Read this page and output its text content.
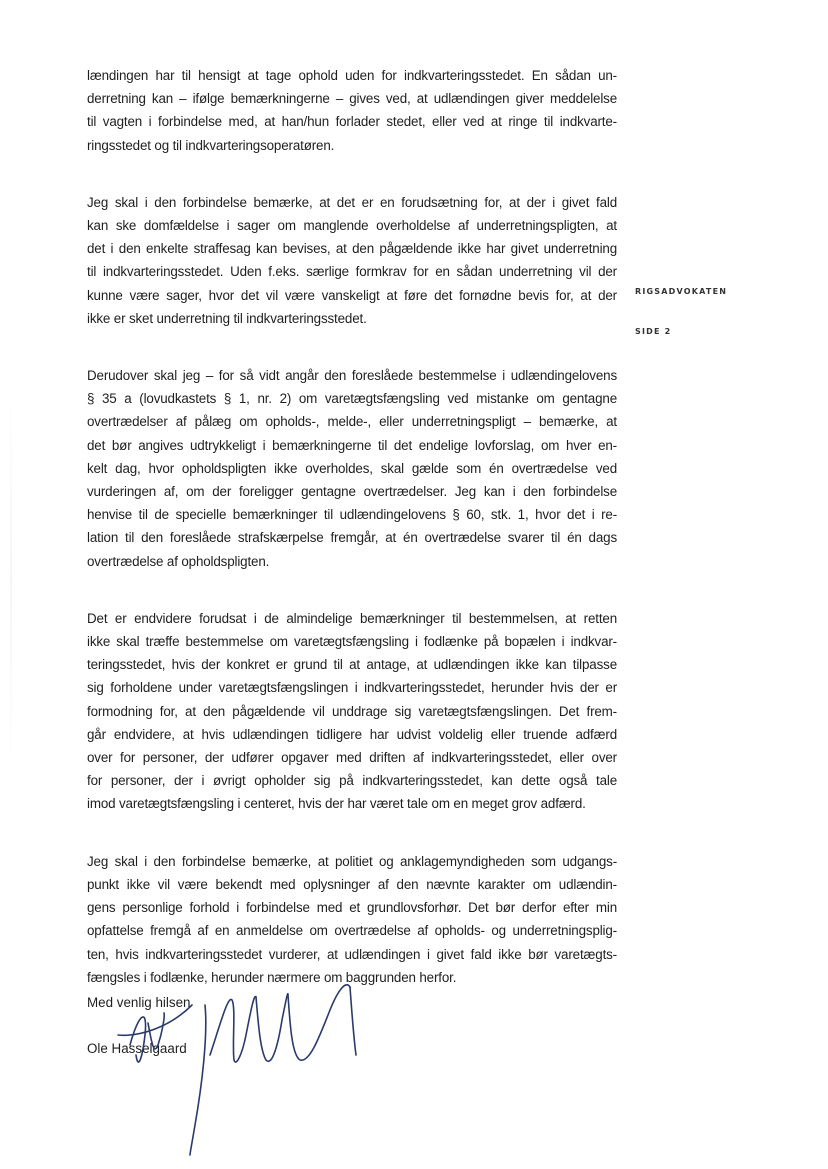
lændingen har til hensigt at tage ophold uden for indkvarteringsstedet. En sådan un-
derretning kan – ifølge bemærkningerne – gives ved, at udlændingen giver meddelelse
til vagten i forbindelse med, at han/hun forlader stedet, eller ved at ringe til indkvarte-
ringsstedet og til indkvarteringsoperatøren.
Jeg skal i den forbindelse bemærke, at det er en forudsætning for, at der i givet fald
kan ske domfældelse i sager om manglende overholdelse af underretningspligten, at
det i den enkelte straffesag kan bevises, at den pågældende ikke har givet underretning
til indkvarteringsstedet. Uden f.eks. særlige formkrav for en sådan underretning vil der
kunne være sager, hvor det vil være vanskeligt at føre det fornødne bevis for, at der
ikke er sket underretning til indkvarteringsstedet.
Derudover skal jeg – for så vidt angår den foreslåede bestemmelse i udlændingelovens
§ 35 a (lovudkastets § 1, nr. 2) om varetægtsfængsling ved mistanke om gentagne
overtrædelser af pålæg om opholds-, melde-, eller underretningspligt – bemærke, at
det bør angives udtrykkeligt i bemærkningerne til det endelige lovforslag, om hver en-
kelt dag, hvor opholdspligten ikke overholdes, skal gælde som én overtrædelse ved
vurderingen af, om der foreligger gentagne overtrædelser. Jeg kan i den forbindelse
henvise til de specielle bemærkninger til udlændingelovens § 60, stk. 1, hvor det i re-
lation til den foreslåede strafskærpelse fremgår, at én overtrædelse svarer til én dags
overtrædelse af opholdspligten.
Det er endvidere forudsat i de almindelige bemærkninger til bestemmelsen, at retten
ikke skal træffe bestemmelse om varetægtsfængsling i fodlænke på bopælen i indkvar-
teringsstedet, hvis der konkret er grund til at antage, at udlændingen ikke kan tilpasse
sig forholdene under varetægtsfængslingen i indkvarteringsstedet, herunder hvis der er
formodning for, at den pågældende vil unddrage sig varetægtsfængslingen. Det frem-
går endvidere, at hvis udlændingen tidligere har udvist voldelig eller truende adfærd
over for personer, der udfører opgaver med driften af indkvarteringsstedet, eller over
for personer, der i øvrigt opholder sig på indkvarteringsstedet, kan dette også tale
imod varetægtsfængsling i centeret, hvis der har været tale om en meget grov adfærd.
Jeg skal i den forbindelse bemærke, at politiet og anklagemyndigheden som udgangs-
punkt ikke vil være bekendt med oplysninger af den nævnte karakter om udlændin-
gens personlige forhold i forbindelse med et grundlovsforhør. Det bør derfor efter min
opfattelse fremgå af en anmeldelse om overtrædelse af opholds- og underretningsplig-
ten, hvis indkvarteringsstedet vurderer, at udlændingen i givet fald ikke bør varetægts-
fængsles i fodlænke, herunder nærmere om baggrunden herfor.
RIGSADVOKATEN
SIDE 2
Med venlig hilsen
Ole Hasselgaard
